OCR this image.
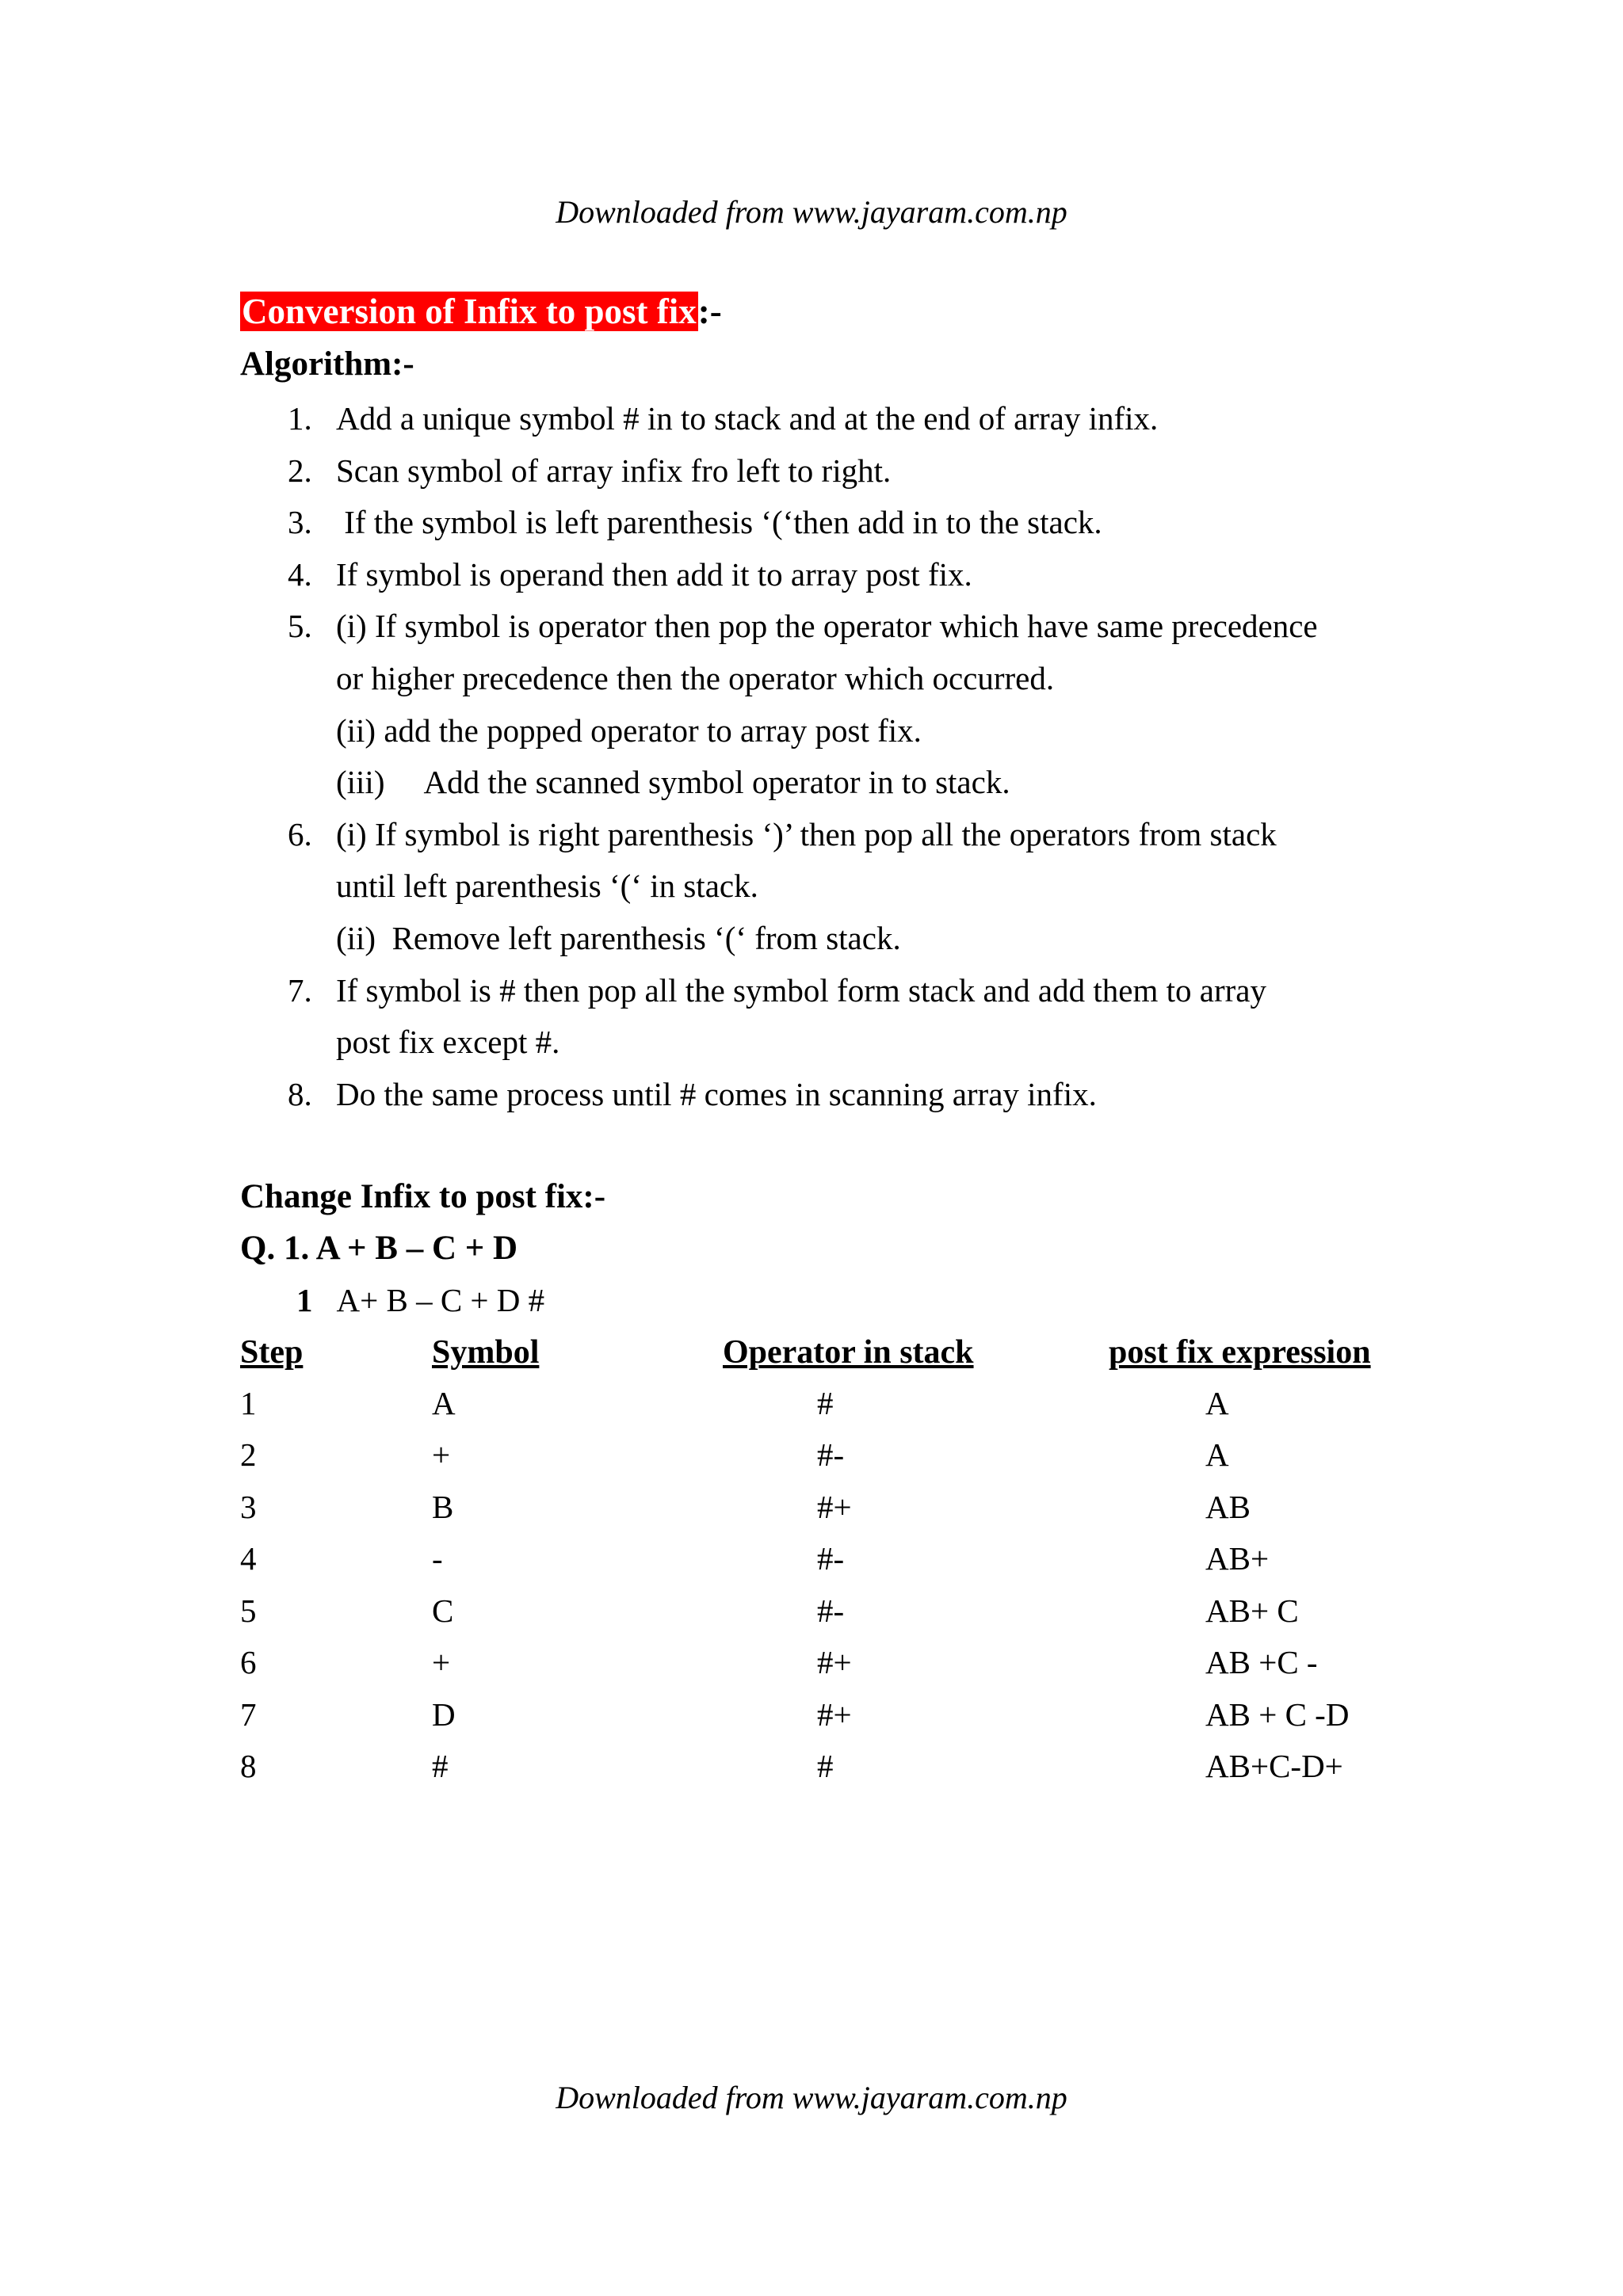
Downloaded from www.jayaram.com.np
Conversion of Infix to post fix:-
Algorithm:-
1. Add a unique symbol # in to stack and at the end of array infix.
2. Scan symbol of array infix fro left to right.
3. If the symbol is left parenthesis ‘(‘then add in to the stack.
4. If symbol is operand then add it to array post fix.
5. (i) If symbol is operator then pop the operator which have same precedence
or higher precedence then the operator which occurred.
(ii) add the popped operator to array post fix.
(iii)     Add the scanned symbol operator in to stack.
6. (i) If symbol is right parenthesis ‘)’ then pop all the operators from stack
until left parenthesis ‘(‘ in stack.
(ii)  Remove left parenthesis ‘(‘ from stack.
7. If symbol is # then pop all the symbol form stack and add them to array
post fix except #.
8. Do the same process until # comes in scanning array infix.
Change Infix to post fix:-
Q. 1. A + B – C + D
1 A+ B – C + D #
Step	Symbol	Operator in stack	post fix expression
1	A	#	A
2	+	#-	A
3	B	#+	AB
4	-	#-	AB+
5	C	#-	AB+ C
6	+	#+	AB +C -
7	D	#+	AB + C -D
8	#	#	AB+C-D+
Downloaded from www.jayaram.com.np
